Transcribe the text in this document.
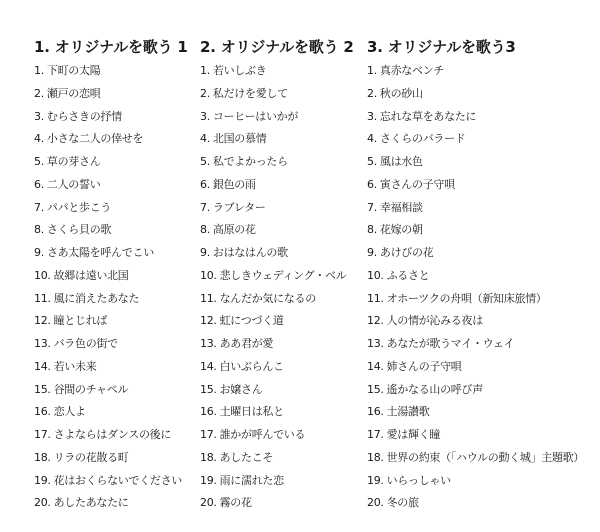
1. オリジナルを歌う 1
1. 下町の太陽
2. 瀬戸の恋唄
3. むらさきの抒情
4. 小さな二人の倖せを
5. 草の芽さん
6. 二人の誓い
7. パパと歩こう
8. さくら貝の歌
9. さあ太陽を呼んでこい
10. 故郷は遠い北国
11. 風に消えたあなた
12. 瞳とじれば
13. バラ色の街で
14. 若い未来
15. 谷間のチャペル
16. 恋人よ
17. さよならはダンスの後に
18. リラの花散る町
19. 花はおくらないでください
20. あしたあなたに
2. オリジナルを歌う 2
1. 若いしぶき
2. 私だけを愛して
3. コーヒーはいかが
4. 北国の慕情
5. 私でよかったら
6. 銀色の雨
7. ラブレター
8. 高原の花
9. おはなはんの歌
10. 悲しきウェディング・ベル
11. なんだか気になるの
12. 虹につづく道
13. ああ君が愛
14. 白いぶらんこ
15. お嬢さん
16. 土曜日は私と
17. 誰かが呼んでいる
18. あしたこそ
19. 雨に濡れた恋
20. 霧の花
3. オリジナルを歌う3
1. 真赤なベンチ
2. 秋の砂山
3. 忘れな草をあなたに
4. さくらのバラード
5. 風は水色
6. 寅さんの子守唄
7. 幸福相談
8. 花嫁の朝
9. あけびの花
10. ふるさと
11. オホーツクの舟唄（新知床旅情）
12. 人の情が沁みる夜は
13. あなたが歌うマイ・ウェイ
14. 姉さんの子守唄
15. 遙かなる山の呼び声
16. 土湯讃歌
17. 愛は輝く瞳
18. 世界の約束（「ハウルの動く城」主題歌）
19. いらっしゃい
20. 冬の旅
